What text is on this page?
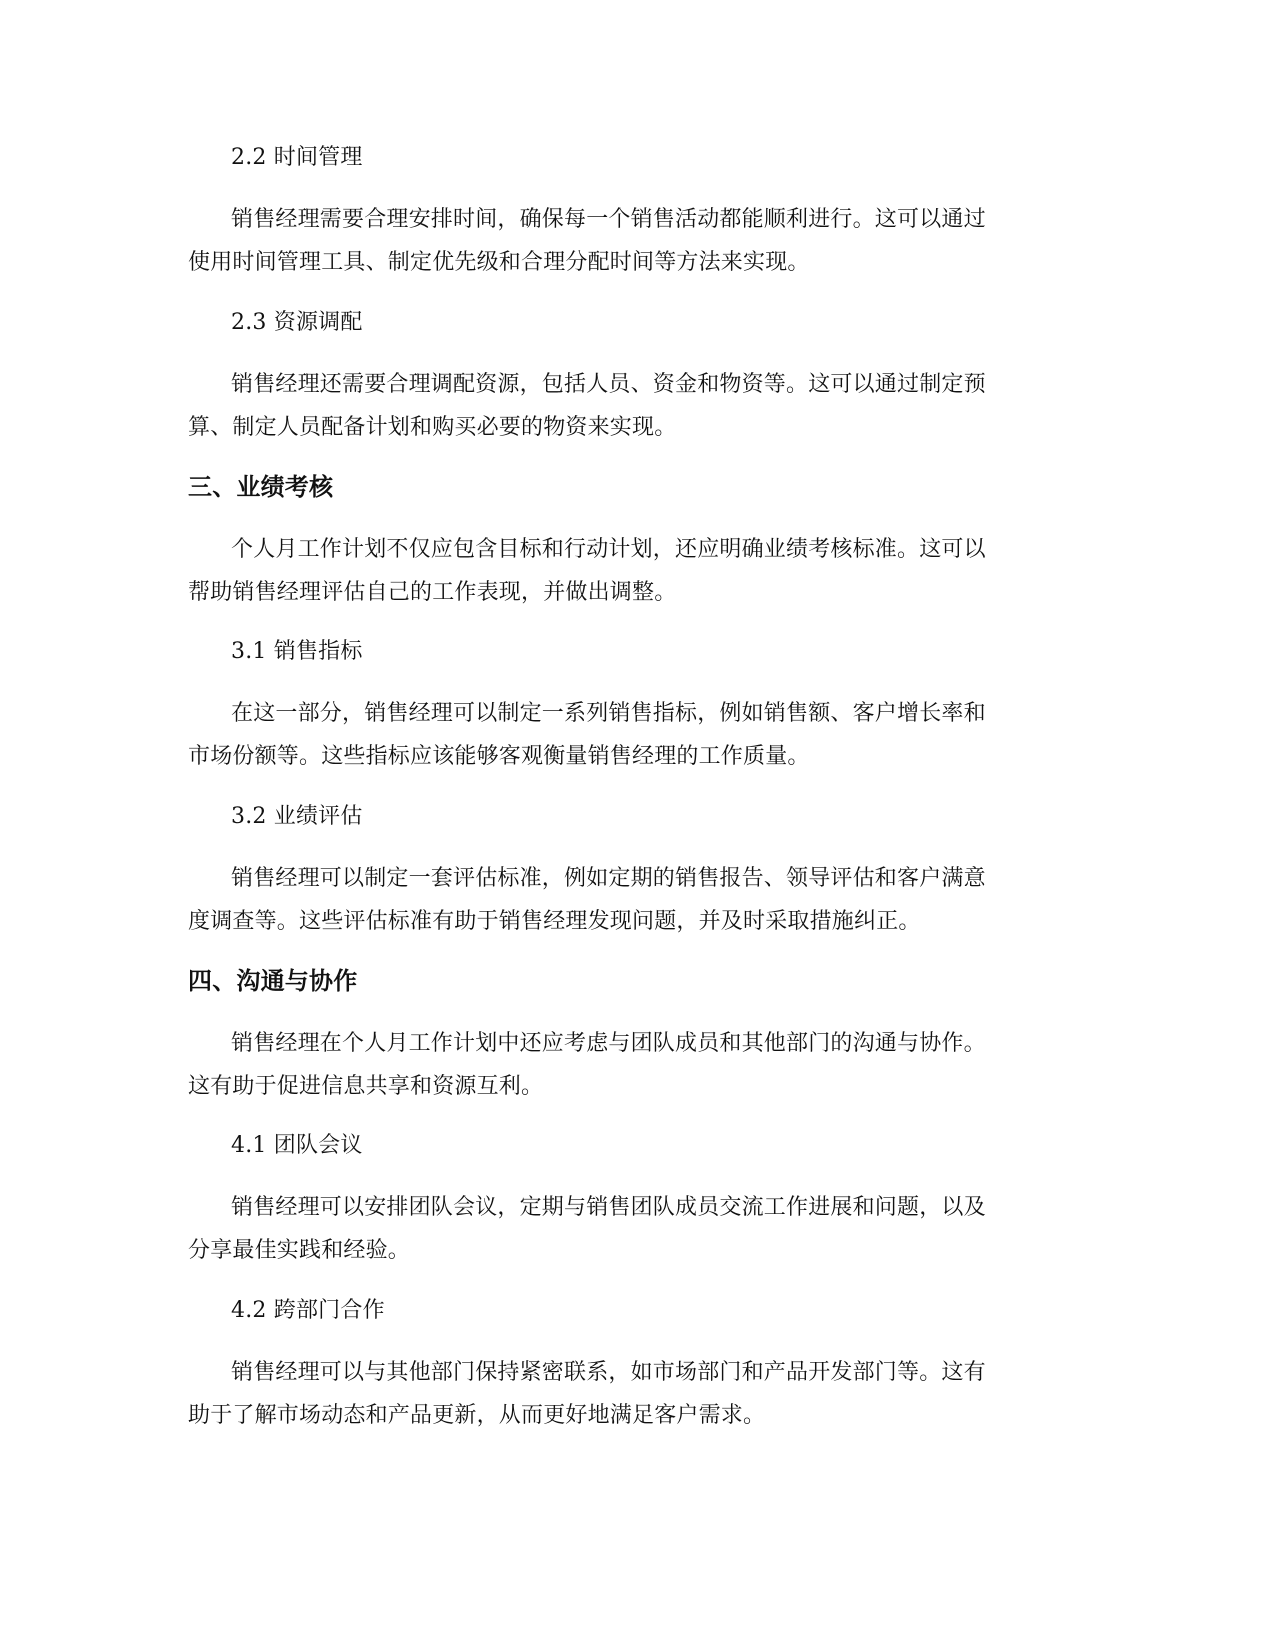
2.2 时间管理
销售经理需要合理安排时间，确保每一个销售活动都能顺利进行。这可以通过
使用时间管理工具、制定优先级和合理分配时间等方法来实现。
2.3 资源调配
销售经理还需要合理调配资源，包括人员、资金和物资等。这可以通过制定预
算、制定人员配备计划和购买必要的物资来实现。
三、业绩考核
个人月工作计划不仅应包含目标和行动计划，还应明确业绩考核标准。这可以
帮助销售经理评估自己的工作表现，并做出调整。
3.1 销售指标
在这一部分，销售经理可以制定一系列销售指标，例如销售额、客户增长率和
市场份额等。这些指标应该能够客观衡量销售经理的工作质量。
3.2 业绩评估
销售经理可以制定一套评估标准，例如定期的销售报告、领导评估和客户满意
度调查等。这些评估标准有助于销售经理发现问题，并及时采取措施纠正。
四、沟通与协作
销售经理在个人月工作计划中还应考虑与团队成员和其他部门的沟通与协作。
这有助于促进信息共享和资源互利。
4.1 团队会议
销售经理可以安排团队会议，定期与销售团队成员交流工作进展和问题，以及
分享最佳实践和经验。
4.2 跨部门合作
销售经理可以与其他部门保持紧密联系，如市场部门和产品开发部门等。这有
助于了解市场动态和产品更新，从而更好地满足客户需求。
